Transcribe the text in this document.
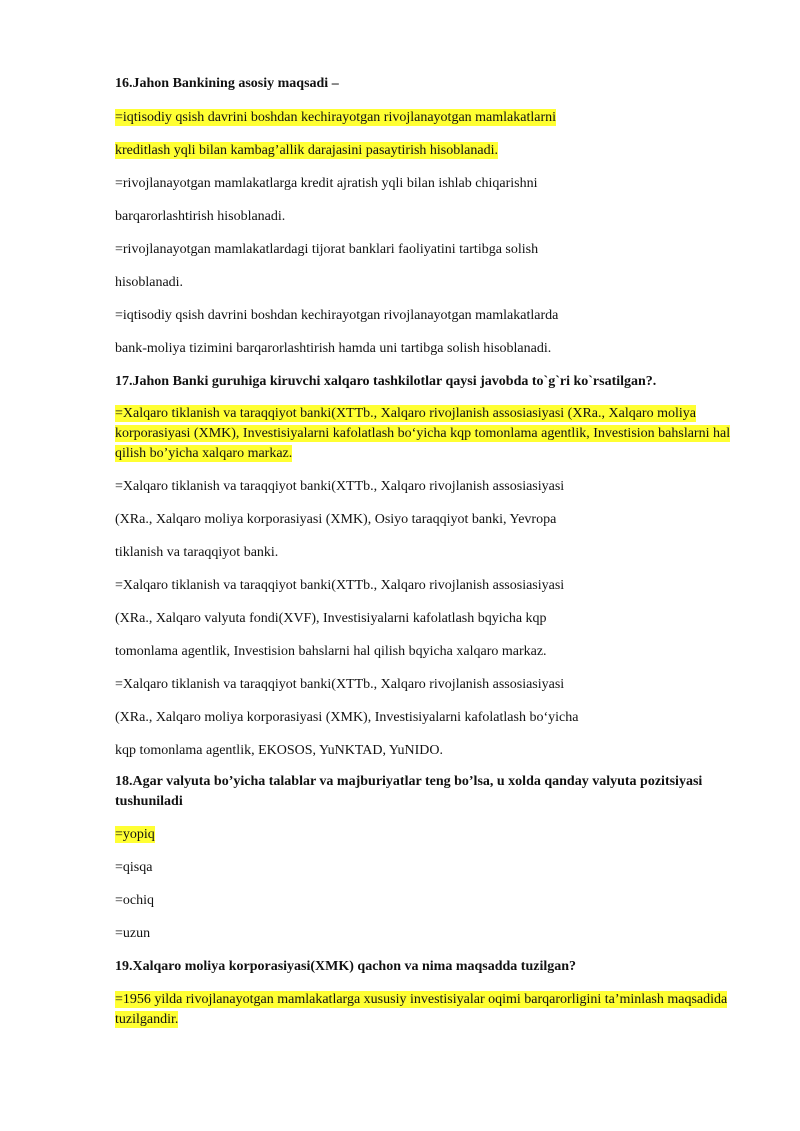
16.Jahon Bankining asosiy maqsadi –
=iqtisodiy qsish davrini boshdan kechirayotgan rivojlanayotgan mamlakatlarni
kreditlash yqli bilan kambag’allik darajasini pasaytirish hisoblanadi.
=rivojlanayotgan mamlakatlarga kredit ajratish yqli bilan ishlab chiqarishni
barqarorlashtirish hisoblanadi.
=rivojlanayotgan mamlakatlardagi tijorat banklari faoliyatini tartibga solish
hisoblanadi.
=iqtisodiy qsish davrini boshdan kechirayotgan rivojlanayotgan mamlakatlarda
bank-moliya tizimini barqarorlashtirish hamda uni tartibga solish hisoblanadi.
17.Jahon Banki guruhiga kiruvchi xalqaro tashkilotlar qaysi javobda to`g`ri ko`rsatilgan?.
=Xalqaro tiklanish va taraqqiyot banki(XTTb., Xalqaro rivojlanish assosiasiyasi (XRa., Xalqaro moliya korporasiyasi (XMK), Investisiyalarni kafolatlash bo‘yicha kqp tomonlama agentlik, Investision bahslarni hal qilish bo’yicha xalqaro markaz.
=Xalqaro tiklanish va taraqqiyot banki(XTTb., Xalqaro rivojlanish assosiasiyasi
(XRa., Xalqaro moliya korporasiyasi (XMK), Osiyo taraqqiyot banki, Yevropa
tiklanish va taraqqiyot banki.
=Xalqaro tiklanish va taraqqiyot banki(XTTb., Xalqaro rivojlanish assosiasiyasi
(XRa., Xalqaro valyuta fondi(XVF), Investisiyalarni kafolatlash bqyicha kqp
tomonlama agentlik, Investision bahslarni hal qilish bqyicha xalqaro markaz.
=Xalqaro tiklanish va taraqqiyot banki(XTTb., Xalqaro rivojlanish assosiasiyasi
(XRa., Xalqaro moliya korporasiyasi (XMK), Investisiyalarni kafolatlash bo‘yicha
kqp tomonlama agentlik, EKOSOS, YuNKTAD, YuNIDO.
18.Agar valyuta bo’yicha talablar va majburiyatlar teng bo’lsa, u xolda qanday valyuta pozitsiyasi tushuniladi
=yopiq
=qisqa
=ochiq
=uzun
19.Xalqaro moliya korporasiyasi(XMK) qachon va nima maqsadda tuzilgan?
=1956 yilda rivojlanayotgan mamlakatlarga xususiy investisiyalar oqimi barqarorligini ta’minlash maqsadida tuzilgandir.
